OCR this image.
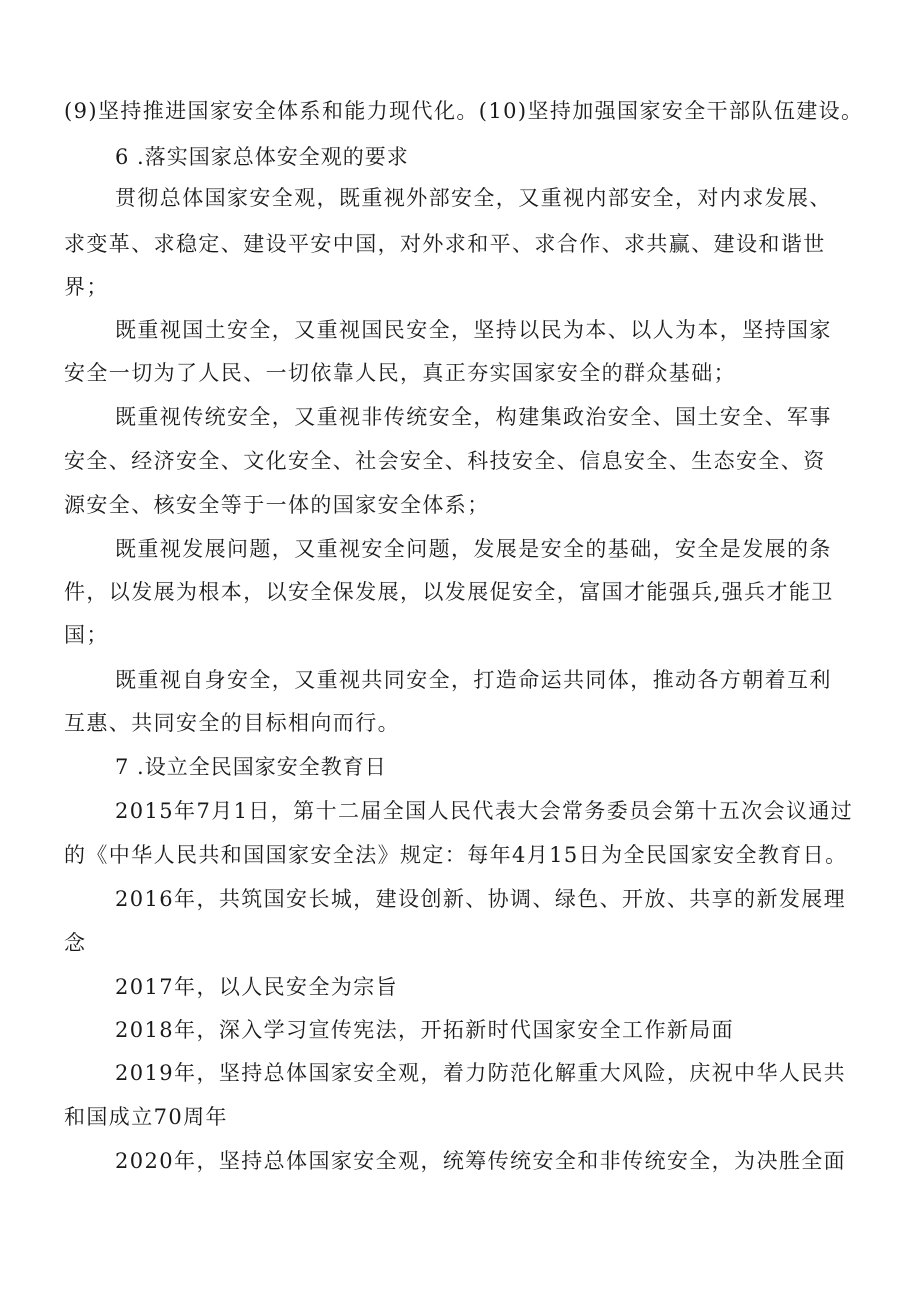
(9)坚持推进国家安全体系和能力现代化。(10)坚持加强国家安全干部队伍建设。
6 .落实国家总体安全观的要求
贯彻总体国家安全观，既重视外部安全，又重视内部安全，对内求发展、
求变革、求稳定、建设平安中国，对外求和平、求合作、求共赢、建设和谐世
界；
既重视国土安全，又重视国民安全，坚持以民为本、以人为本，坚持国家
安全一切为了人民、一切依靠人民，真正夯实国家安全的群众基础；
既重视传统安全，又重视非传统安全，构建集政治安全、国土安全、军事
安全、经济安全、文化安全、社会安全、科技安全、信息安全、生态安全、资
源安全、核安全等于一体的国家安全体系；
既重视发展问题，又重视安全问题，发展是安全的基础，安全是发展的条
件，以发展为根本，以安全保发展，以发展促安全，富国才能强兵,强兵才能卫
国；
既重视自身安全，又重视共同安全，打造命运共同体，推动各方朝着互利
互惠、共同安全的目标相向而行。
7 .设立全民国家安全教育日
2015年7月1日，第十二届全国人民代表大会常务委员会第十五次会议通过
的《中华人民共和国国家安全法》规定：每年4月15日为全民国家安全教育日。
2016年，共筑国安长城，建设创新、协调、绿色、开放、共享的新发展理
念
2017年，以人民安全为宗旨
2018年，深入学习宣传宪法，开拓新时代国家安全工作新局面
2019年，坚持总体国家安全观，着力防范化解重大风险，庆祝中华人民共
和国成立70周年
2020年，坚持总体国家安全观，统筹传统安全和非传统安全，为决胜全面
